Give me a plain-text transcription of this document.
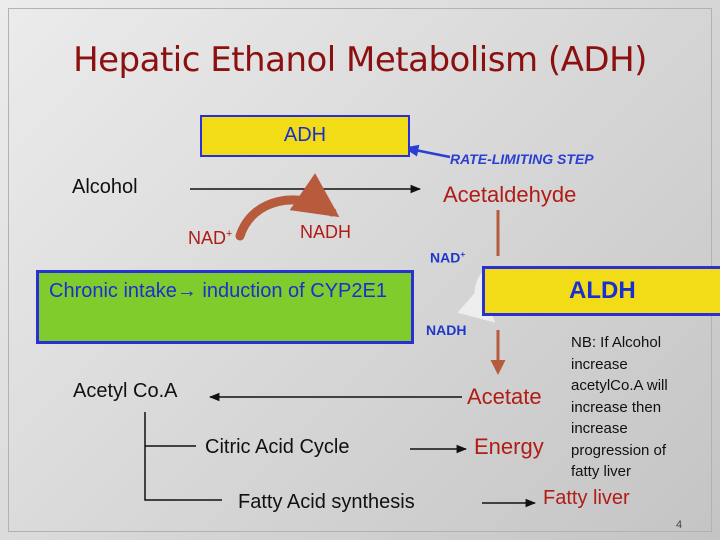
Hepatic Ethanol Metabolism (ADH)
ADH
RATE-LIMITING STEP
Alcohol	Acetaldehyde
NAD+	NADH
NAD+
Chronic intake→ induction of CYP2E1	ALDH
NADH
Acetyl Co.A	Acetate
Citric Acid Cycle	Energy
Fatty Acid synthesis	Fatty liver
NB: If Alcohol increase acetylCo.A will increase then increase progression of fatty liver
4
